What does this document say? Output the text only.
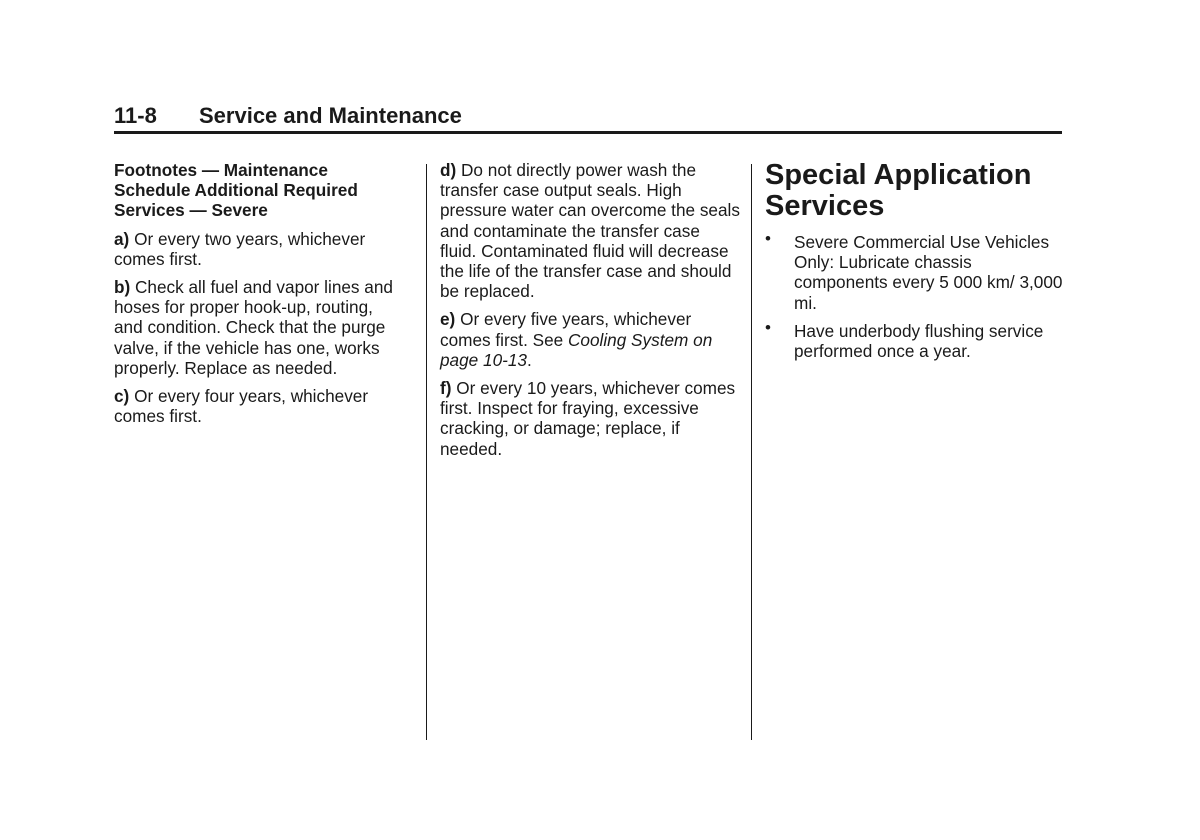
11-8 Service and Maintenance
Footnotes — Maintenance Schedule Additional Required Services — Severe

a) Or every two years, whichever comes first.

b) Check all fuel and vapor lines and hoses for proper hook-up, routing, and condition. Check that the purge valve, if the vehicle has one, works properly. Replace as needed.

c) Or every four years, whichever comes first.

d) Do not directly power wash the transfer case output seals. High pressure water can overcome the seals and contaminate the transfer case fluid. Contaminated fluid will decrease the life of the transfer case and should be replaced.

e) Or every five years, whichever comes first. See Cooling System on page 10-13.

f) Or every 10 years, whichever comes first. Inspect for fraying, excessive cracking, or damage; replace, if needed.

Special Application Services
• Severe Commercial Use Vehicles Only: Lubricate chassis components every 5 000 km/ 3,000 mi.
• Have underbody flushing service performed once a year.
